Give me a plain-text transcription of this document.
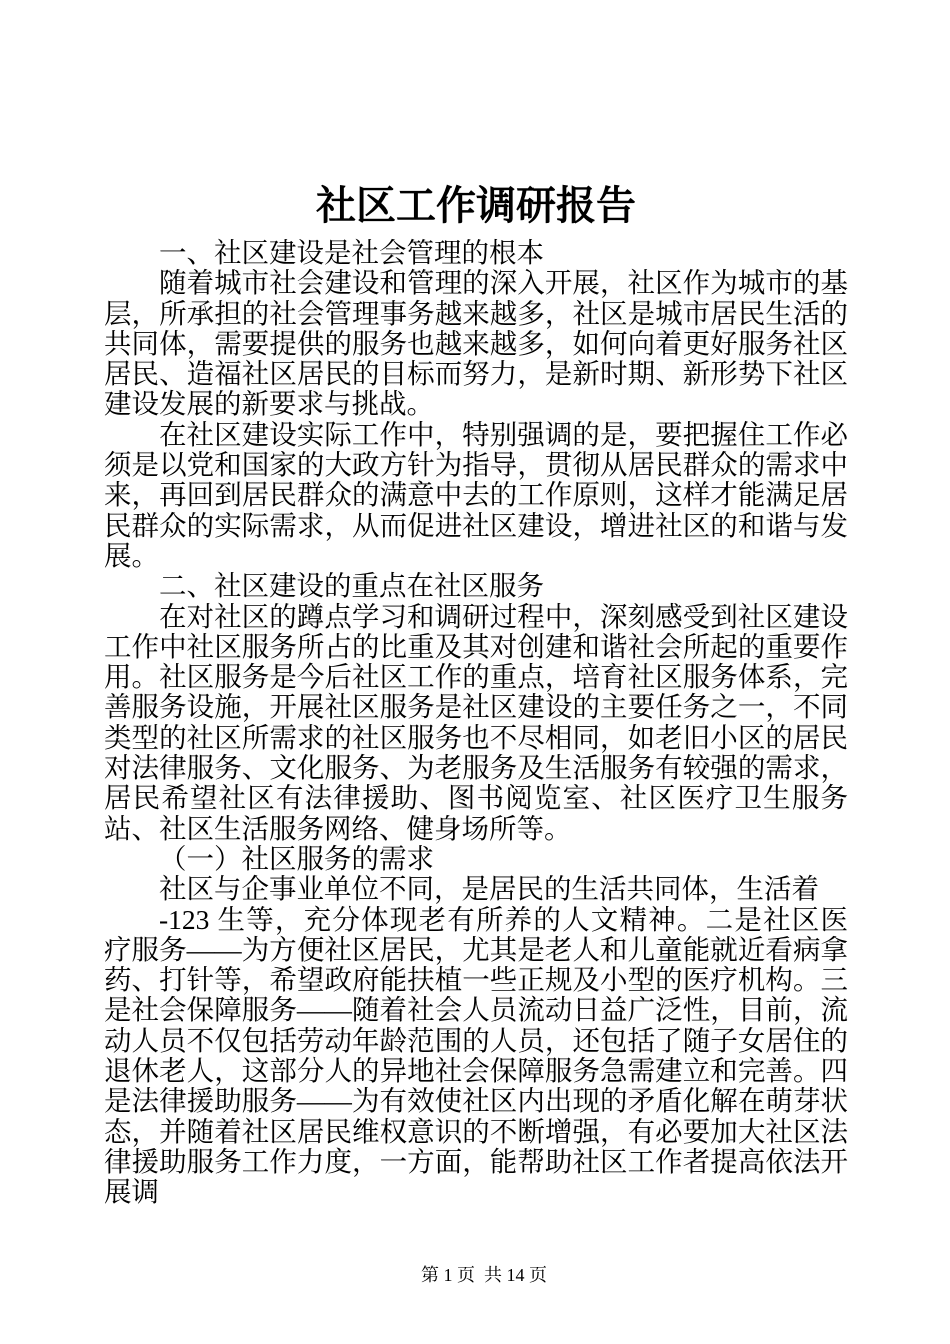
社区工作调研报告

一、社区建设是社会管理的根本

随着城市社会建设和管理的深入开展，社区作为城市的基层，所承担的社会管理事务越来越多，社区是城市居民生活的共同体，需要提供的服务也越来越多，如何向着更好服务社区居民、造福社区居民的目标而努力，是新时期、新形势下社区建设发展的新要求与挑战。

在社区建设实际工作中，特别强调的是，要把握住工作必须是以党和国家的大政方针为指导，贯彻从居民群众的需求中来，再回到居民群众的满意中去的工作原则，这样才能满足居民群众的实际需求，从而促进社区建设，增进社区的和谐与发展。

二、社区建设的重点在社区服务

在对社区的蹲点学习和调研过程中，深刻感受到社区建设工作中社区服务所占的比重及其对创建和谐社会所起的重要作用。社区服务是今后社区工作的重点，培育社区服务体系，完善服务设施，开展社区服务是社区建设的主要任务之一，不同类型的社区所需求的社区服务也不尽相同，如老旧小区的居民对法律服务、文化服务、为老服务及生活服务有较强的需求，居民希望社区有法律援助、图书阅览室、社区医疗卫生服务站、社区生活服务网络、健身场所等。

（一）社区服务的需求

社区与企事业单位不同，是居民的生活共同体，生活着

-123 生等，充分体现老有所养的人文精神。二是社区医疗服务——为方便社区居民，尤其是老人和儿童能就近看病拿药、打针等，希望政府能扶植一些正规及小型的医疗机构。三是社会保障服务——随着社会人员流动日益广泛性，目前，流动人员不仅包括劳动年龄范围的人员，还包括了随子女居住的退休老人，这部分人的异地社会保障服务急需建立和完善。四是法律援助服务——为有效使社区内出现的矛盾化解在萌芽状态，并随着社区居民维权意识的不断增强，有必要加大社区法律援助服务工作力度，一方面，能帮助社区工作者提高依法开展调

第 1 页  共 14 页
